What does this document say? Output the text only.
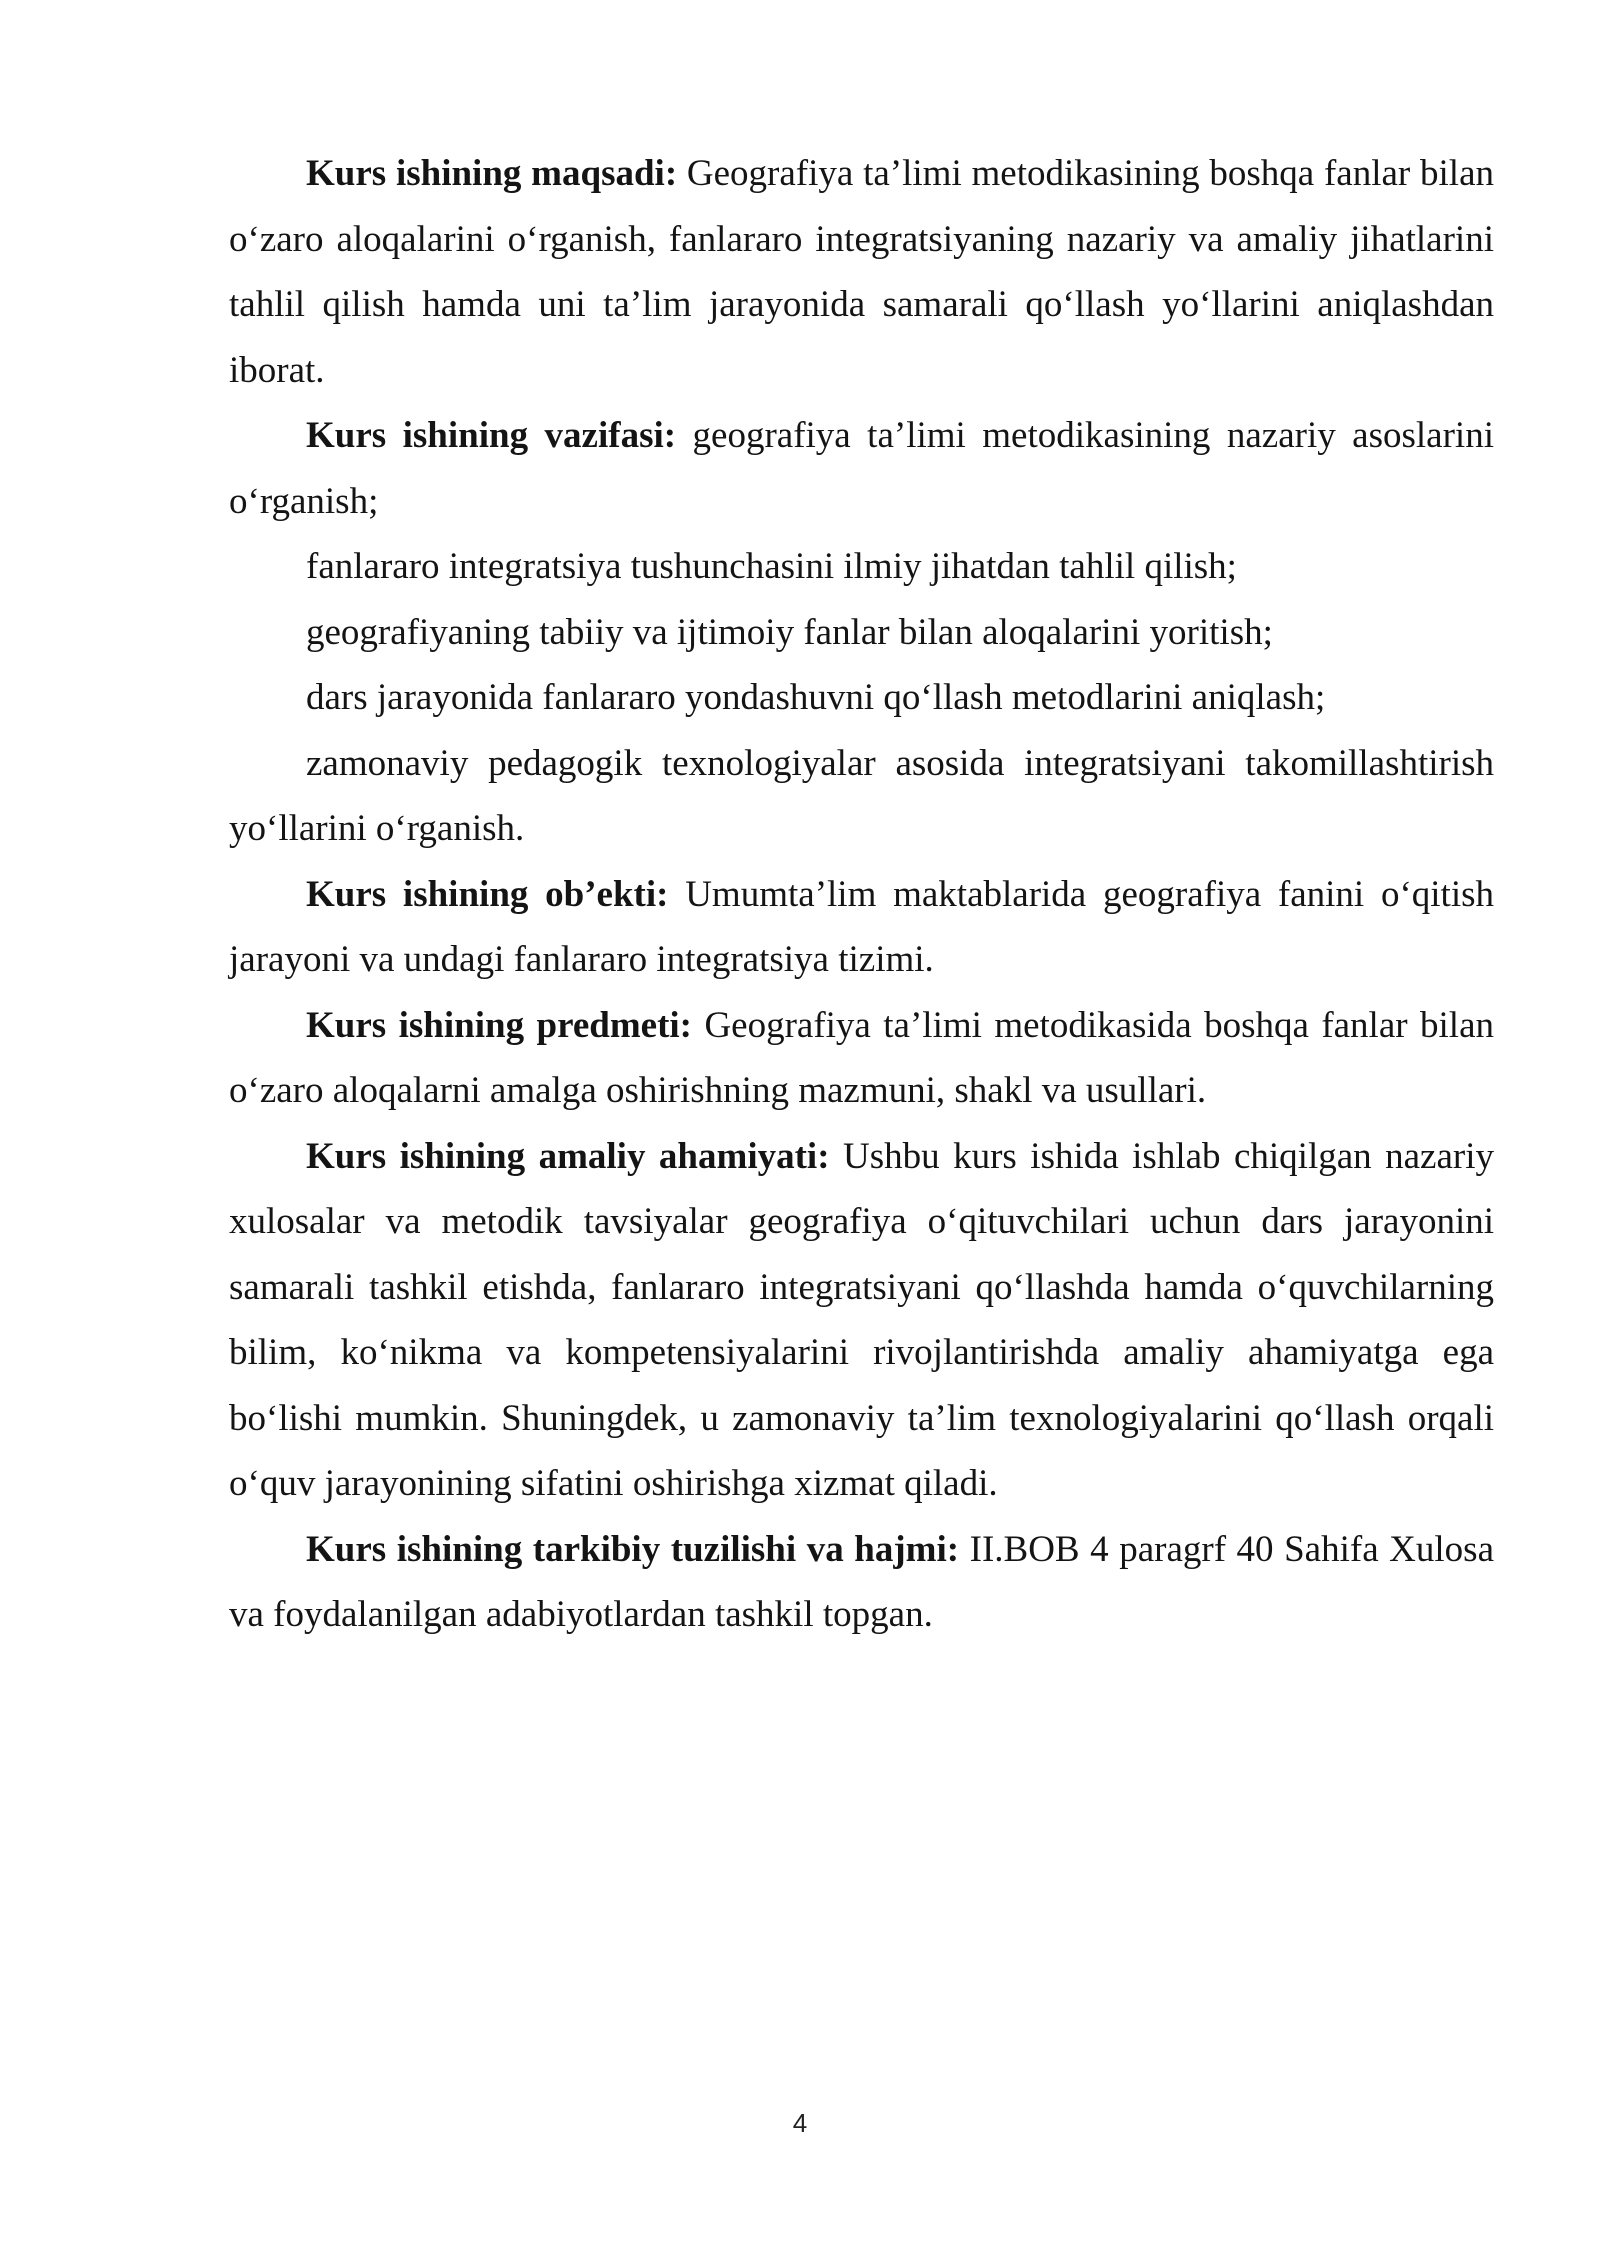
Kurs ishining maqsadi: Geografiya ta’limi metodikasining boshqa fanlar bilan o‘zaro aloqalarini o‘rganish, fanlararo integratsiyaning nazariy va amaliy jihatlarini tahlil qilish hamda uni ta’lim jarayonida samarali qo‘llash yo‘llarini aniqlashdan iborat.

Kurs ishining vazifasi: geografiya ta’limi metodikasining nazariy asoslarini o‘rganish;

fanlararo integratsiya tushunchasini ilmiy jihatdan tahlil qilish;

geografiyaning tabiiy va ijtimoiy fanlar bilan aloqalarini yoritish;

dars jarayonida fanlararo yondashuvni qo‘llash metodlarini aniqlash;

zamonaviy pedagogik texnologiyalar asosida integratsiyani takomillashtirish yo‘llarini o‘rganish.

Kurs ishining ob’ekti: Umumta’lim maktablarida geografiya fanini o‘qitish jarayoni va undagi fanlararo integratsiya tizimi.

Kurs ishining predmeti: Geografiya ta’limi metodikasida boshqa fanlar bilan o‘zaro aloqalarni amalga oshirishning mazmuni, shakl va usullari.

Kurs ishining amaliy ahamiyati: Ushbu kurs ishida ishlab chiqilgan nazariy xulosalar va metodik tavsiyalar geografiya o‘qituvchilari uchun dars jarayonini samarali tashkil etishda, fanlararo integratsiyani qo‘llashda hamda o‘quvchilarning bilim, ko‘nikma va kompetensiyalarini rivojlantirishda amaliy ahamiyatga ega bo‘lishi mumkin. Shuningdek, u zamonaviy ta’lim texnologiyalarini qo‘llash orqali o‘quv jarayonining sifatini oshirishga xizmat qiladi.

Kurs ishining tarkibiy tuzilishi va hajmi: II.BOB 4 paragrf 40 Sahifa Xulosa va foydalanilgan adabiyotlardan tashkil topgan.

4
